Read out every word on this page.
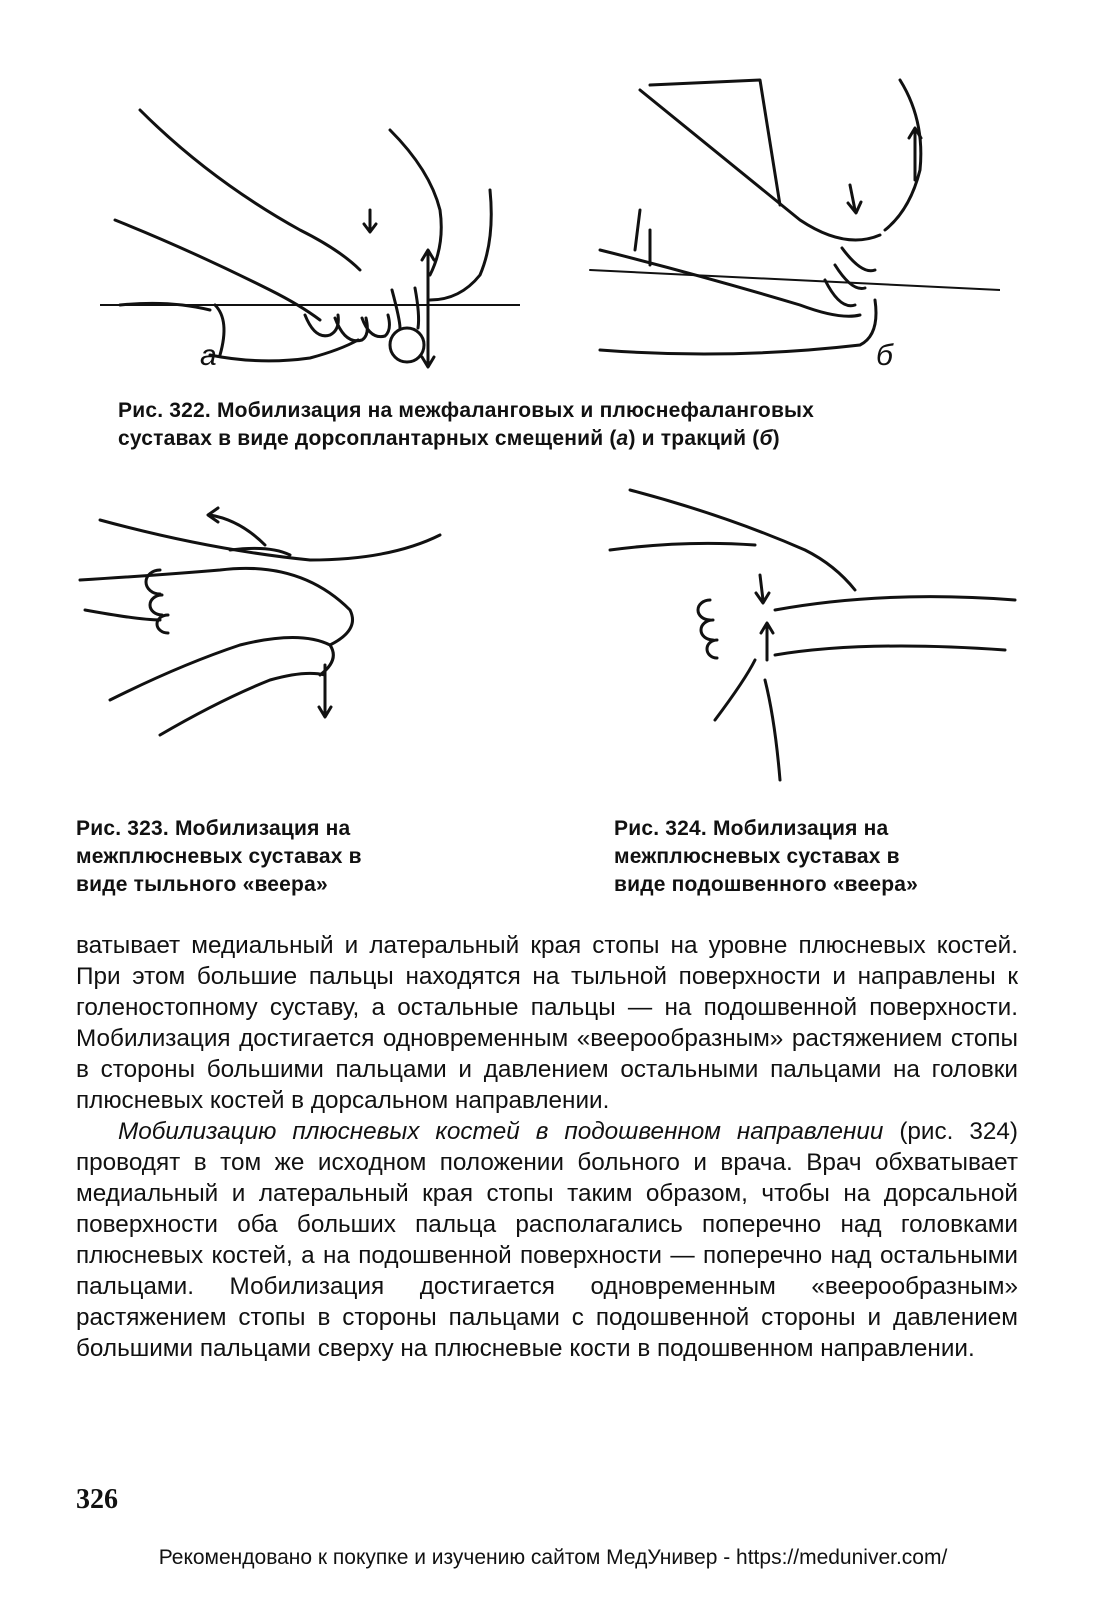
а	б
Рис. 322. Мобилизация на межфаланговых и плюснефаланговых
суставах в виде дорсоплантарных смещений (а) и тракций (б)
Рис. 323. Мобилизация на
межплюсневых суставах в
виде тыльного «веера»
Рис. 324. Мобилизация на
межплюсневых суставах в
виде подошвенного «веера»

ватывает медиальный и латеральный края стопы на уровне плюсневых костей. При этом большие пальцы находятся на тыльной поверхности и направлены к голеностопному суставу, а остальные пальцы — на подошвенной поверхности. Мобилизация достигается одновременным «веерообразным» растяжением стопы в стороны большими пальцами и давлением остальными пальцами на головки плюсневых костей в дорсальном направлении.

Мобилизацию плюсневых костей в подошвенном направлении (рис. 324) проводят в том же исходном положении больного и врача. Врач обхватывает медиальный и латеральный края стопы таким образом, чтобы на дорсальной поверхности оба больших пальца располагались поперечно над головками плюсневых костей, а на подошвенной поверхности — поперечно над остальными пальцами. Мобилизация достигается одновременным «веерообразным» растяжением стопы в стороны пальцами с подошвенной стороны и давлением большими пальцами сверху на плюсневые кости в подошвенном направлении.

326
Рекомендовано к покупке и изучению сайтом МедУнивер - https://meduniver.com/
